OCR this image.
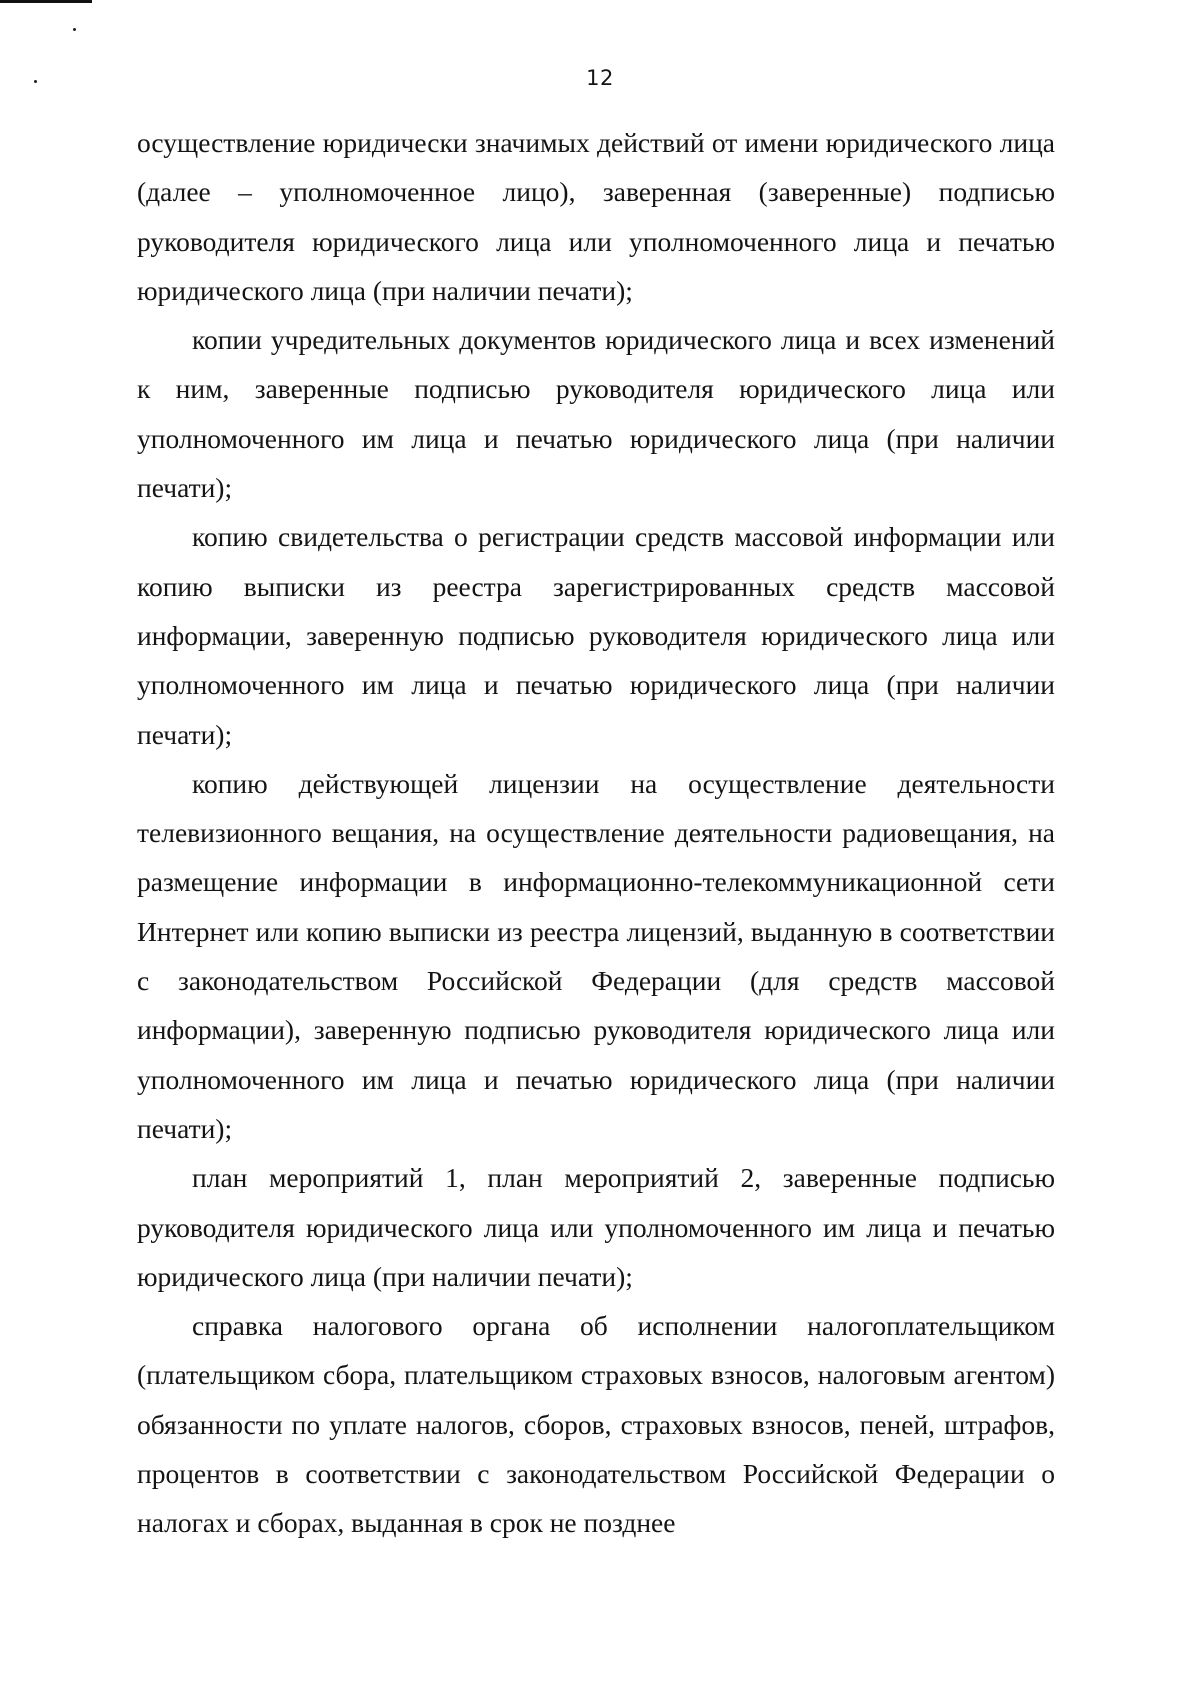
12

осуществление юридически значимых действий от имени юридического лица (далее – уполномоченное лицо), заверенная (заверенные) подписью руководителя юридического лица или уполномоченного лица и печатью юридического лица (при наличии печати);

копии учредительных документов юридического лица и всех изменений к ним, заверенные подписью руководителя юридического лица или уполномоченного им лица и печатью юридического лица (при наличии печати);

копию свидетельства о регистрации средств массовой информации или копию выписки из реестра зарегистрированных средств массовой информации, заверенную подписью руководителя юридического лица или уполномоченного им лица и печатью юридического лица (при наличии печати);

копию действующей лицензии на осуществление деятельности телевизионного вещания, на осуществление деятельности радиовещания, на размещение информации в информационно-телекоммуникационной сети Интернет или копию выписки из реестра лицензий, выданную в соответствии с законодательством Российской Федерации (для средств массовой информации), заверенную подписью руководителя юридического лица или уполномоченного им лица и печатью юридического лица (при наличии печати);

план мероприятий 1, план мероприятий 2, заверенные подписью руководителя юридического лица или уполномоченного им лица и печатью юридического лица (при наличии печати);

справка налогового органа об исполнении налогоплательщиком (плательщиком сбора, плательщиком страховых взносов, налоговым агентом) обязанности по уплате налогов, сборов, страховых взносов, пеней, штрафов, процентов в соответствии с законодательством Российской Федерации о налогах и сборах, выданная в срок не позднее
